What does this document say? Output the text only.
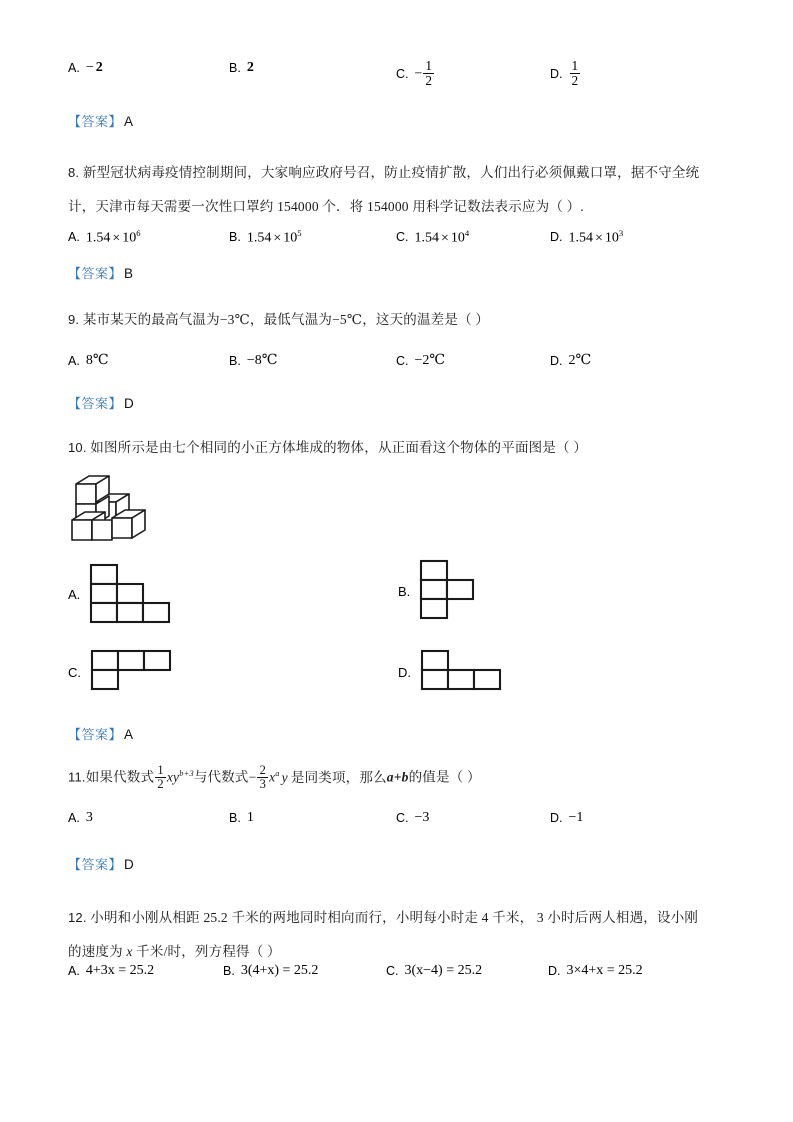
A. − 2	B. 2	C. − $\frac{1}{2}$	D. $\frac{1}{2}$
【答案】 A
8. 新型冠状病毒疫情控制期间，大家响应政府号召，防止疫情扩散，人们出行必须佩戴口罩，据不守全统
计，天津市每天需要一次性口罩约 154000 个．将 154000 用科学记数法表示应为（ ）.
A. $1.54 \times 10^6$	B. $1.54 \times 10^5$	C. $1.54 \times 10^4$	D. $1.54 \times 10^3$
【答案】 B
9. 某市某天的最高气温为−3℃，最低气温为−5℃，这天的温差是（ ）
A. 8℃	B. −8℃	C. −2℃	D. 2℃
【答案】 D
10. 如图所示是由七个相同的小正方体堆成的物体，从正面看这个物体的平面图是（ ）
A.	B.
C.	D.
【答案】 A
11.如果代数式 $\frac{1}{2} xy^{b+3}$与代数式− $\frac{2}{3} x^a$ y 是同类项，那么a+b的值是（ ）
A. 3	B. 1	C. −3	D. −1
【答案】 D
12. 小明和小刚从相距 25.2 千米的两地同时相向而行，小明每小时走 4 千米， 3 小时后两人相遇，设小刚
的速度为 x 千米/时，列方程得（ ）
A. 4+3x = 25.2	B. 3(4+x) = 25.2	C. 3(x−4) = 25.2	D. 3×4+x = 25.2
